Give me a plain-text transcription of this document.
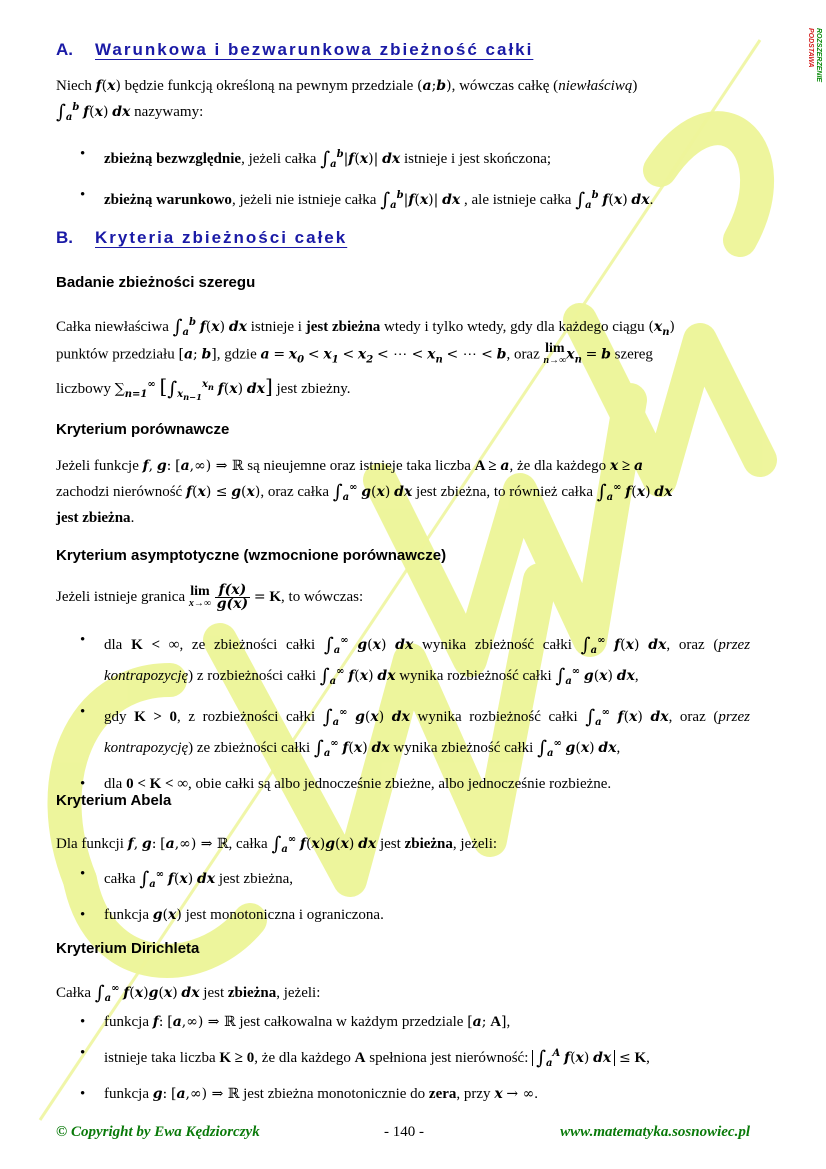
PODSTAWA ROZSZERZENIE
A. Warunkowa i bezwarunkowa zbieżność całki
Niech f(x) będzie funkcją określoną na pewnym przedziale (a;b), wówczas całkę (niewłaściwą)
$\int_a^b$ f(x) dx nazywamy:
• zbieżną bezwzględnie, jeżeli całka $\int_a^b|f(x)|$ dx istnieje i jest skończona;
• zbieżną warunkowo, jeżeli nie istnieje całka $\int_a^b|f(x)|$ dx , ale istnieje całka $\int_a^b$ f(x) dx.
B. Kryteria zbieżności całek
Badanie zbieżności szeregu
Całka niewłaściwa $\int_a^b$ f(x) dx istnieje i jest zbieżna wtedy i tylko wtedy, gdy dla każdego ciągu $(x_n)$
punktów przedziału [a; b], gdzie $a = x_0 < x_1 < x_2$ < ⋯ < $x_n$ < ⋯ < b, oraz lim
n→∞ $x_n = b$ szereg
liczbowy $\sum_{n=1}^\infty$ [$\int_{x_{n-1}}^{x_n}$ f(x) dx] jest zbieżny.
Kryterium porównawcze
Jeżeli funkcje f, g: [a,∞) ⇒ ℝ są nieujemne oraz istnieje taka liczba A ≥ a, że dla każdego x ≥ a
zachodzi nierówność f(x) ≤ g(x), oraz całka $\int_a^\infty$ g(x) dx jest zbieżna, to również całka $\int_a^\infty$ f(x) dx
jest zbieżna.
Kryterium asymptotyczne (wzmocnione porównawcze)
Jeżeli istnieje granica lim
x→∞
$\frac{f(x)}{g(x)} = K$, to wówczas:
• dla K < ∞, ze zbieżności całki $\int_a^\infty$ g(x) dx wynika zbieżność całki $\int_a^\infty$ f(x) dx, oraz (przez kontrapozycję) z rozbieżności całki $\int_a^\infty$ f(x) dx wynika rozbieżność całki $\int_a^\infty$ g(x) dx,
• gdy K > 0, z rozbieżności całki $\int_a^\infty$ g(x) dx wynika rozbieżność całki $\int_a^\infty$ f(x) dx, oraz (przez kontrapozycję) ze zbieżności całki $\int_a^\infty$ f(x) dx wynika zbieżność całki $\int_a^\infty$ g(x) dx,
• dla 0 < K < ∞, obie całki są albo jednocześnie zbieżne, albo jednocześnie rozbieżne.
Kryterium Abela
Dla funkcji f, g: [a,∞) ⇒ ℝ, całka $\int_a^\infty$ f(x)g(x) dx jest zbieżna, jeżeli:
• całka $\int_a^\infty$ f(x) dx jest zbieżna,
• funkcja g(x) jest monotoniczna i ograniczona.
Kryterium Dirichleta
Całka $\int_a^\infty$ f(x)g(x) dx jest zbieżna, jeżeli:
• funkcja f: [a,∞) ⇒ ℝ jest całkowalna w każdym przedziale [a; A],
• istnieje taka liczba K ≥ 0, że dla każdego A spełniona jest nierówność: $\int_a^A$ f(x) dx ≤ K,
• funkcja g: [a,∞) ⇒ ℝ jest zbieżna monotonicznie do zera, przy x → ∞.
© Copyright by Ewa Kędziorczyk	- 140 -	www.matematyka.sosnowiec.pl
